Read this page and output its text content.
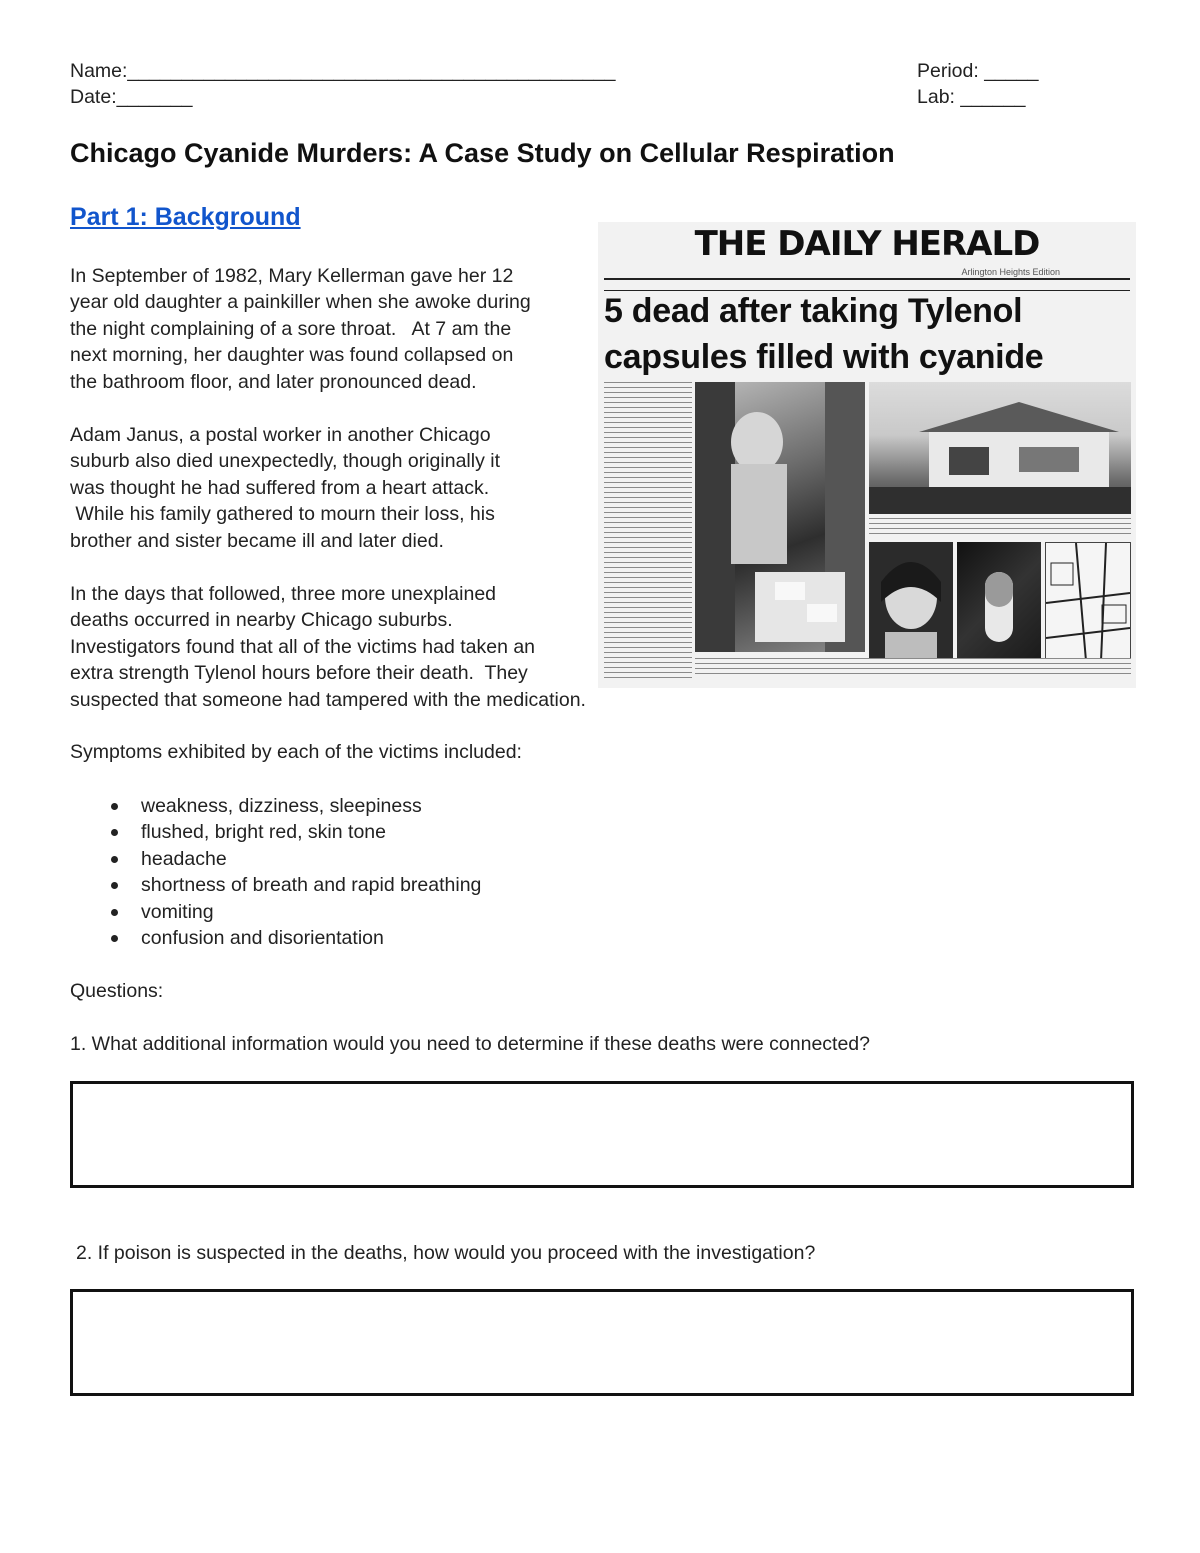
Name:_____________________________________________
Date:_______
Period: _____
Lab: ______
Chicago Cyanide Murders: A Case Study on Cellular Respiration
Part 1: Background
In September of 1982, Mary Kellerman gave her 12
year old daughter a painkiller when she awoke during
the night complaining of a sore throat.   At 7 am the
next morning, her daughter was found collapsed on
the bathroom floor, and later pronounced dead.
Adam Janus, a postal worker in another Chicago
suburb also died unexpectedly, though originally it
was thought he had suffered from a heart attack.
While his family gathered to mourn their loss, his
brother and sister became ill and later died.
In the days that followed, three more unexplained
deaths occurred in nearby Chicago suburbs.
Investigators found that all of the victims had taken an
extra strength Tylenol hours before their death.  They
suspected that someone had tampered with the medication.
Symptoms exhibited by each of the victims included:
weakness, dizziness, sleepiness
flushed, bright red, skin tone
headache
shortness of breath and rapid breathing
vomiting
confusion and disorientation
Questions:
1. What additional information would you need to determine if these deaths were connected?
2. If poison is suspected in the deaths, how would you proceed with the investigation?
THE DAILY HERALD
Arlington Heights Edition
5 dead after taking Tylenol
capsules filled with cyanide
